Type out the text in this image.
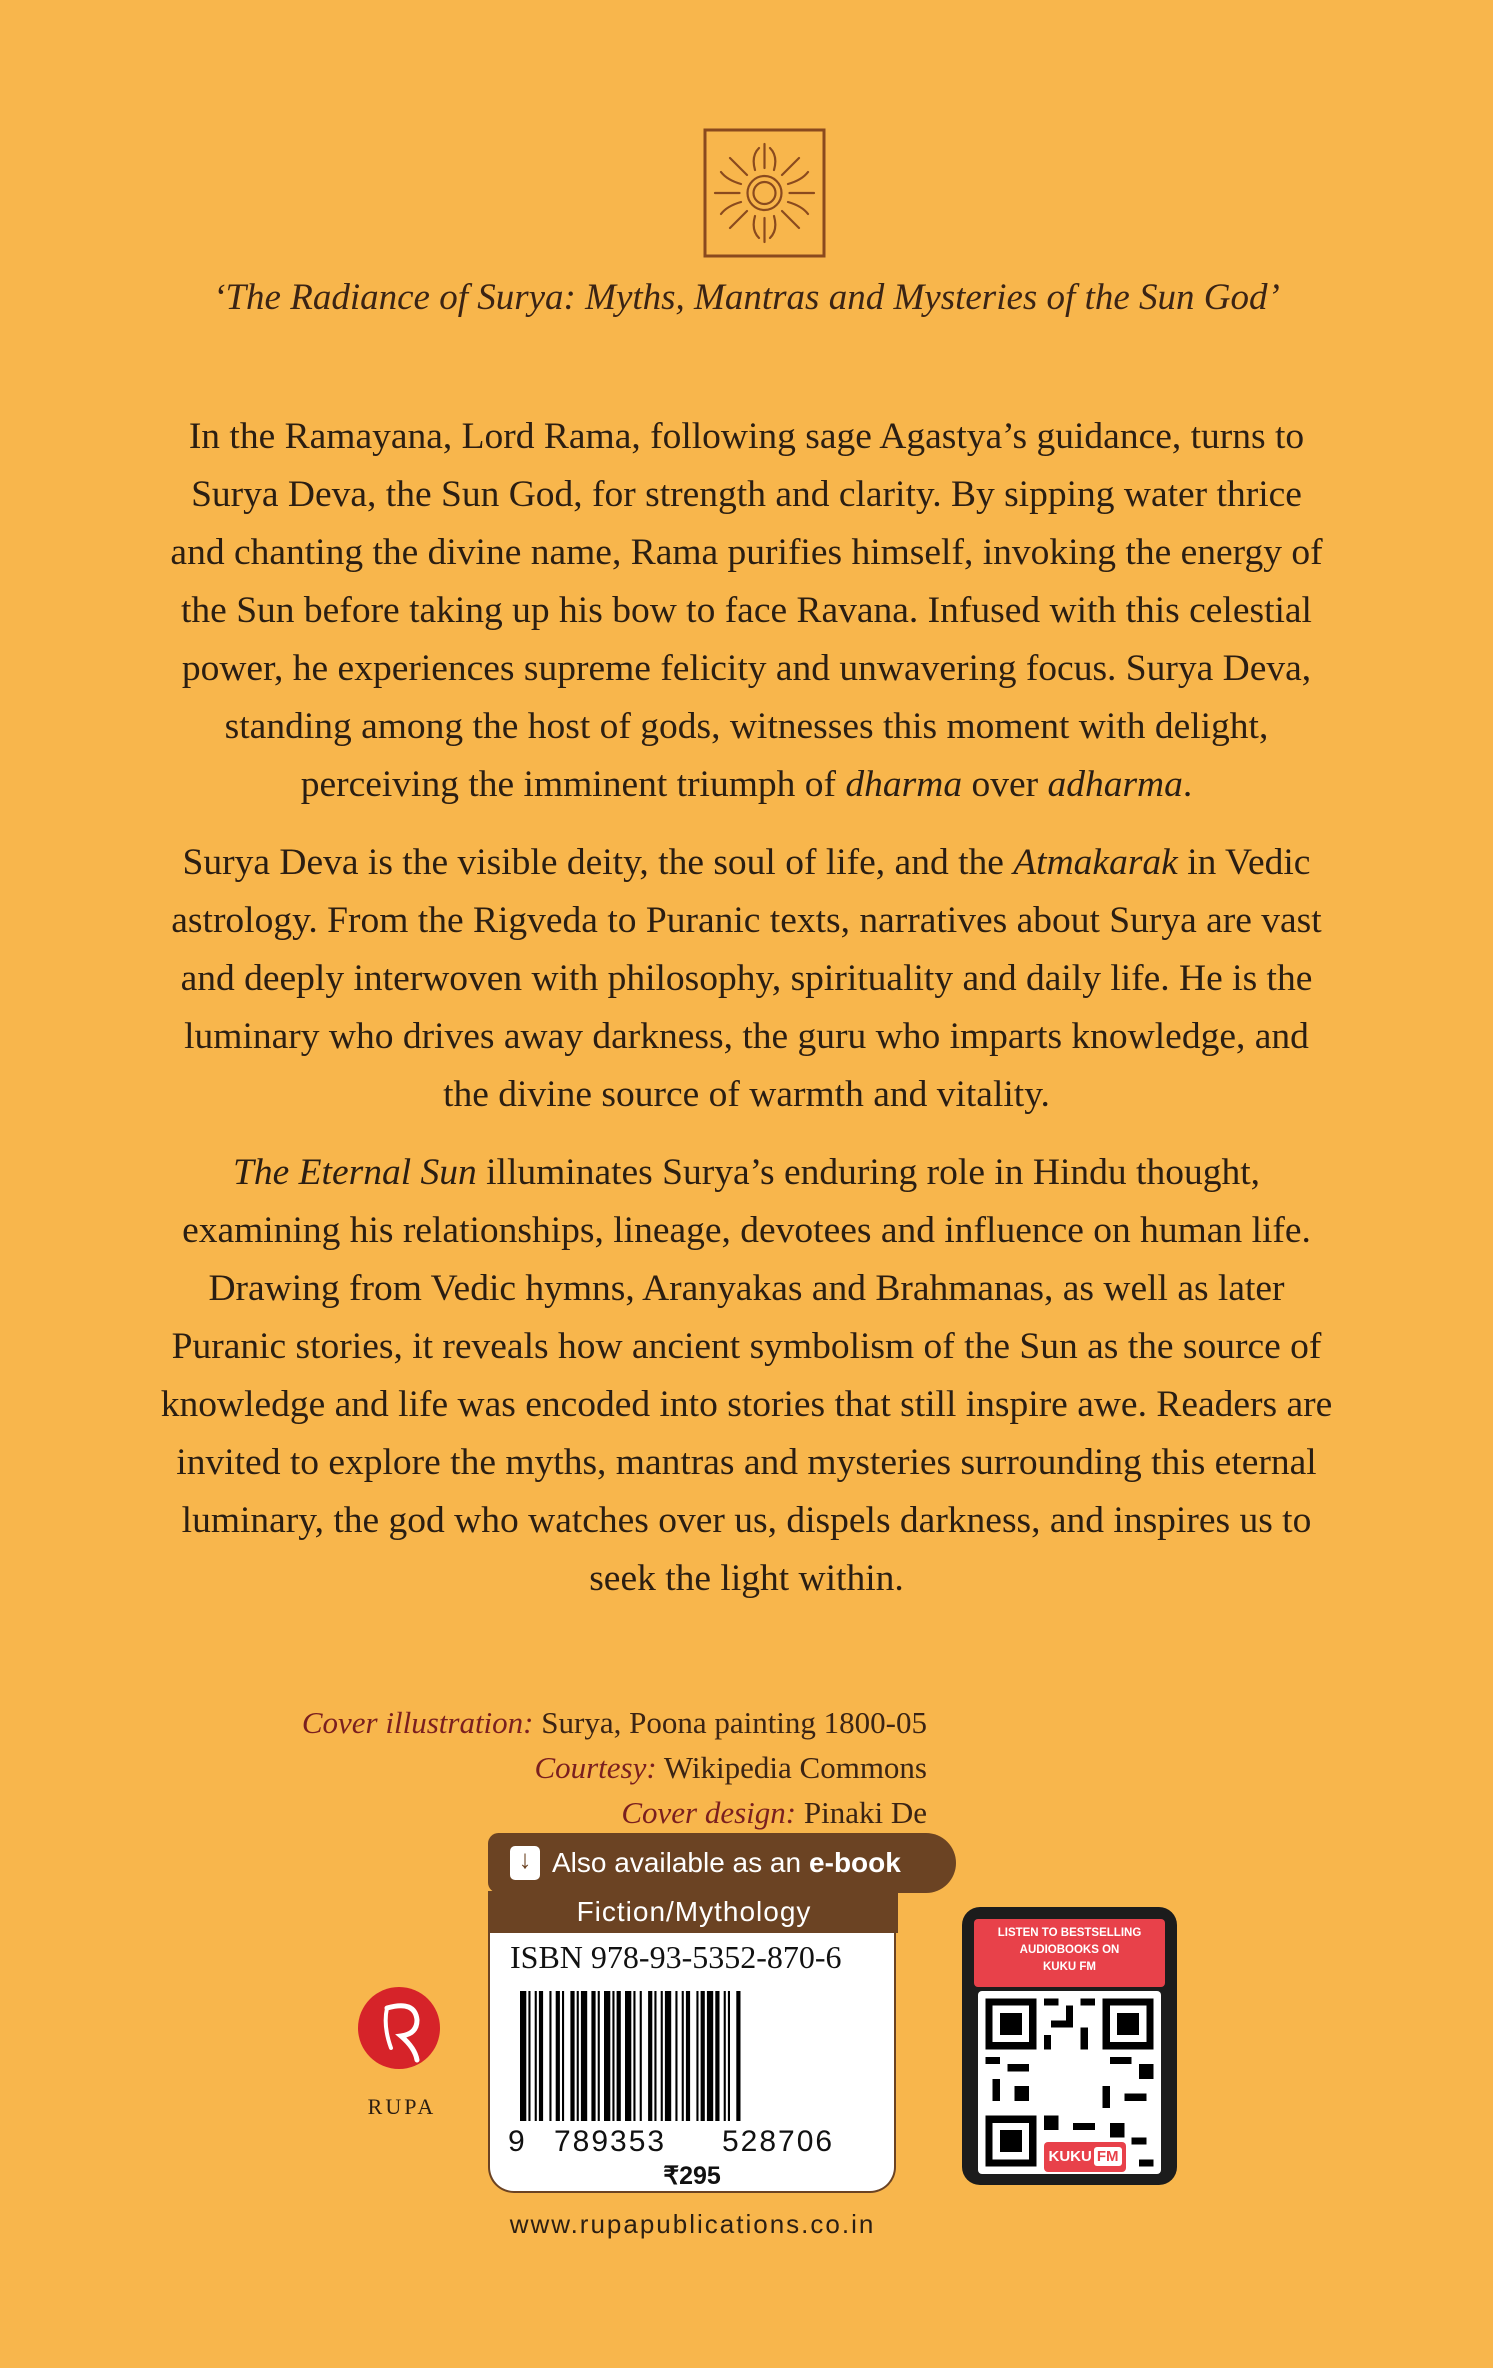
‘The Radiance of Surya: Myths, Mantras and Mysteries of the Sun God’

In the Ramayana, Lord Rama, following sage Agastya’s guidance, turns to Surya Deva, the Sun God, for strength and clarity. By sipping water thrice and chanting the divine name, Rama purifies himself, invoking the energy of the Sun before taking up his bow to face Ravana. Infused with this celestial power, he experiences supreme felicity and unwavering focus. Surya Deva, standing among the host of gods, witnesses this moment with delight, perceiving the imminent triumph of dharma over adharma.

Surya Deva is the visible deity, the soul of life, and the Atmakarak in Vedic astrology. From the Rigveda to Puranic texts, narratives about Surya are vast and deeply interwoven with philosophy, spirituality and daily life. He is the luminary who drives away darkness, the guru who imparts knowledge, and the divine source of warmth and vitality.

The Eternal Sun illuminates Surya’s enduring role in Hindu thought, examining his relationships, lineage, devotees and influence on human life. Drawing from Vedic hymns, Aranyakas and Brahmanas, as well as later Puranic stories, it reveals how ancient symbolism of the Sun as the source of knowledge and life was encoded into stories that still inspire awe. Readers are invited to explore the myths, mantras and mysteries surrounding this eternal luminary, the god who watches over us, dispels darkness, and inspires us to seek the light within.

Cover illustration: Surya, Poona painting 1800-05
Courtesy: Wikipedia Commons
Cover design: Pinaki De
↓
Also available as an e-book
Fiction/Mythology
ISBN 978-93-5352-870-6
9 789353 528706
₹295
RUPA
LISTEN TO BESTSELLING
AUDIOBOOKS ON
KUKU FM
KUKU FM
www.rupapublications.co.in
